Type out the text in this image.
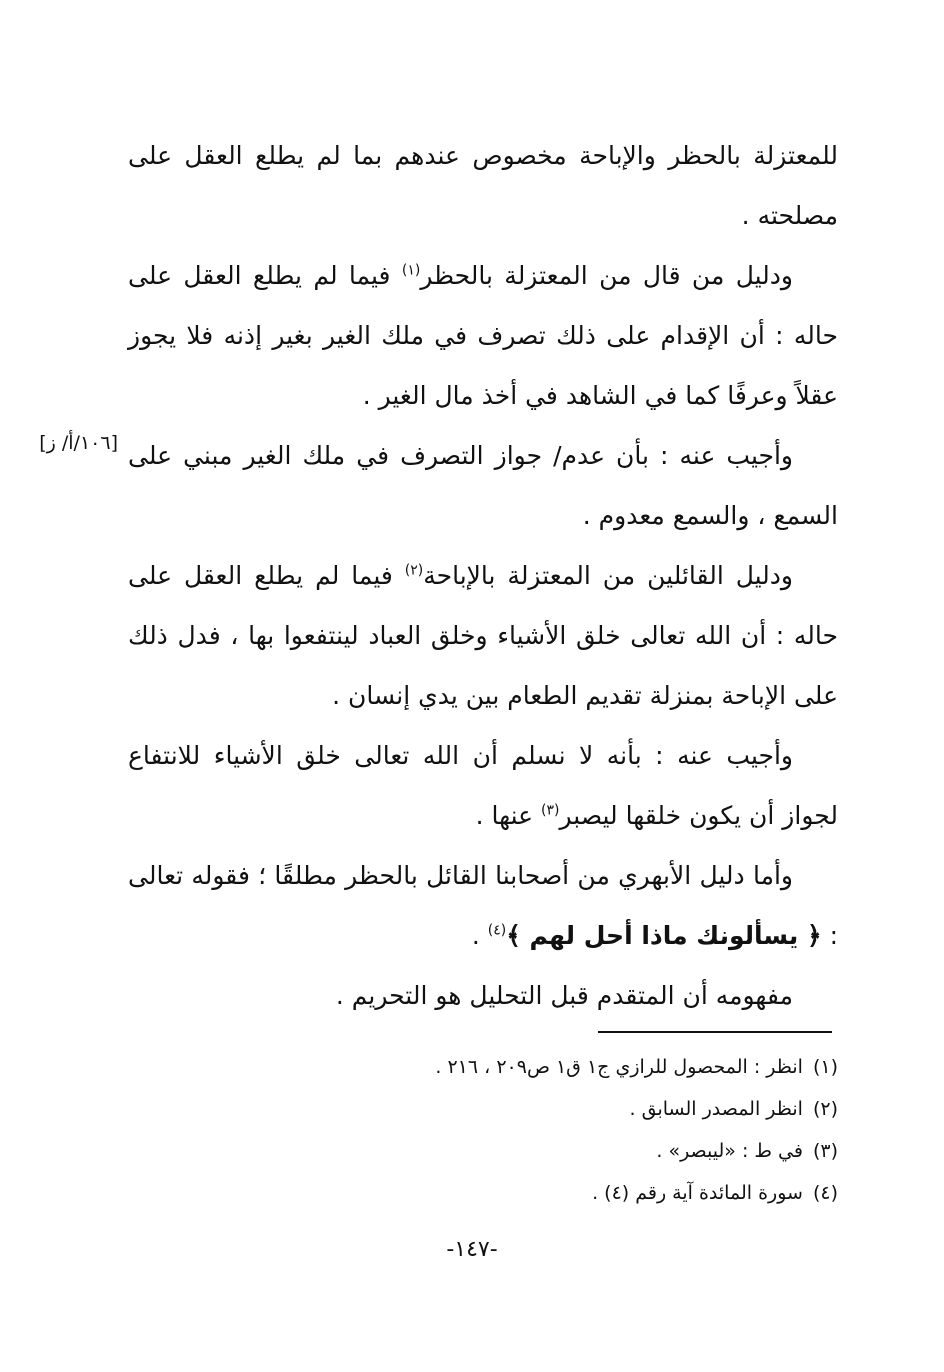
للمعتزلة بالحظر والإباحة مخصوص عندهم بما لم يطلع العقل على مصلحته .

ودليل من قال من المعتزلة بالحظر$^{(١)}$ فيما لم يطلع العقل على حاله : أن الإقدام على ذلك تصرف في ملك الغير بغير إذنه فلا يجوز عقلاً وعرفًا كما في الشاهد في أخذ مال الغير .

وأجيب عنه : بأن عدم/ جواز التصرف في ملك الغير مبني على السمع ، والسمع معدوم .

ودليل القائلين من المعتزلة بالإباحة$^{(٢)}$ فيما لم يطلع العقل على حاله : أن الله تعالى خلق الأشياء وخلق العباد لينتفعوا بها ، فدل ذلك على الإباحة بمنزلة تقديم الطعام بين يدي إنسان .

وأجيب عنه : بأنه لا نسلم أن الله تعالى خلق الأشياء للانتفاع لجواز أن يكون خلقها ليصبر$^{(٣)}$ عنها .

وأما دليل الأبهري من أصحابنا القائل بالحظر مطلقًا ؛ فقوله تعالى : ﴿ يسألونك ماذا أحل لهم ﴾$^{(٤)}$ .

مفهومه أن المتقدم قبل التحليل هو التحريم .

[١٠٦/أ/ ز]

(١)انظر : المحصول للرازي ج١ ق١ ص٢٠٩ ، ٢١٦ .

(٢)انظر المصدر السابق .

(٣)في ط : «ليبصر» .

(٤)سورة المائدة آية رقم (٤) .

-١٤٧-
